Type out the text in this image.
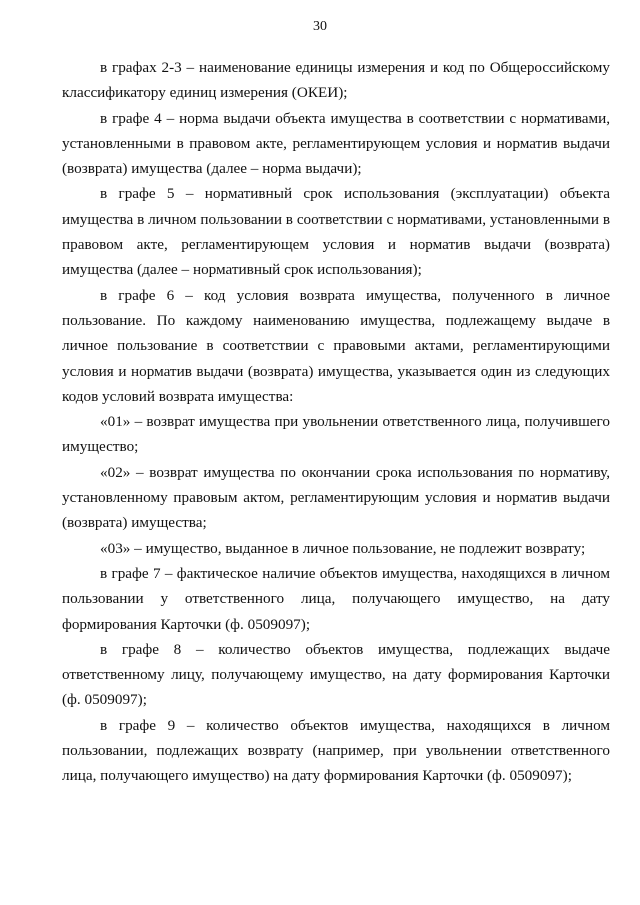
30

в графах 2-3 – наименование единицы измерения и код по Общероссийскому классификатору единиц измерения (ОКЕИ);

в графе 4 – норма выдачи объекта имущества в соответствии с нормативами, установленными в правовом акте, регламентирующем условия и норматив выдачи (возврата) имущества (далее – норма выдачи);

в графе 5 – нормативный срок использования (эксплуатации) объекта имущества в личном пользовании в соответствии с нормативами, установленными в правовом акте, регламентирующем условия и норматив выдачи (возврата) имущества (далее – нормативный срок использования);

в графе 6 – код условия возврата имущества, полученного в личное пользование. По каждому наименованию имущества, подлежащему выдаче в личное пользование в соответствии с правовыми актами, регламентирующими условия и норматив выдачи (возврата) имущества, указывается один из следующих кодов условий возврата имущества:

«01» – возврат имущества при увольнении ответственного лица, получившего имущество;

«02» – возврат имущества по окончании срока использования по нормативу, установленному правовым актом, регламентирующим условия и норматив выдачи (возврата) имущества;

«03» – имущество, выданное в личное пользование, не подлежит возврату;

в графе 7 – фактическое наличие объектов имущества, находящихся в личном пользовании у ответственного лица, получающего имущество, на дату формирования Карточки (ф. 0509097);

в графе 8 – количество объектов имущества, подлежащих выдаче ответственному лицу, получающему имущество, на дату формирования Карточки (ф. 0509097);

в графе 9 – количество объектов имущества, находящихся в личном пользовании, подлежащих возврату (например, при увольнении ответственного лица, получающего имущество) на дату формирования Карточки (ф. 0509097);
